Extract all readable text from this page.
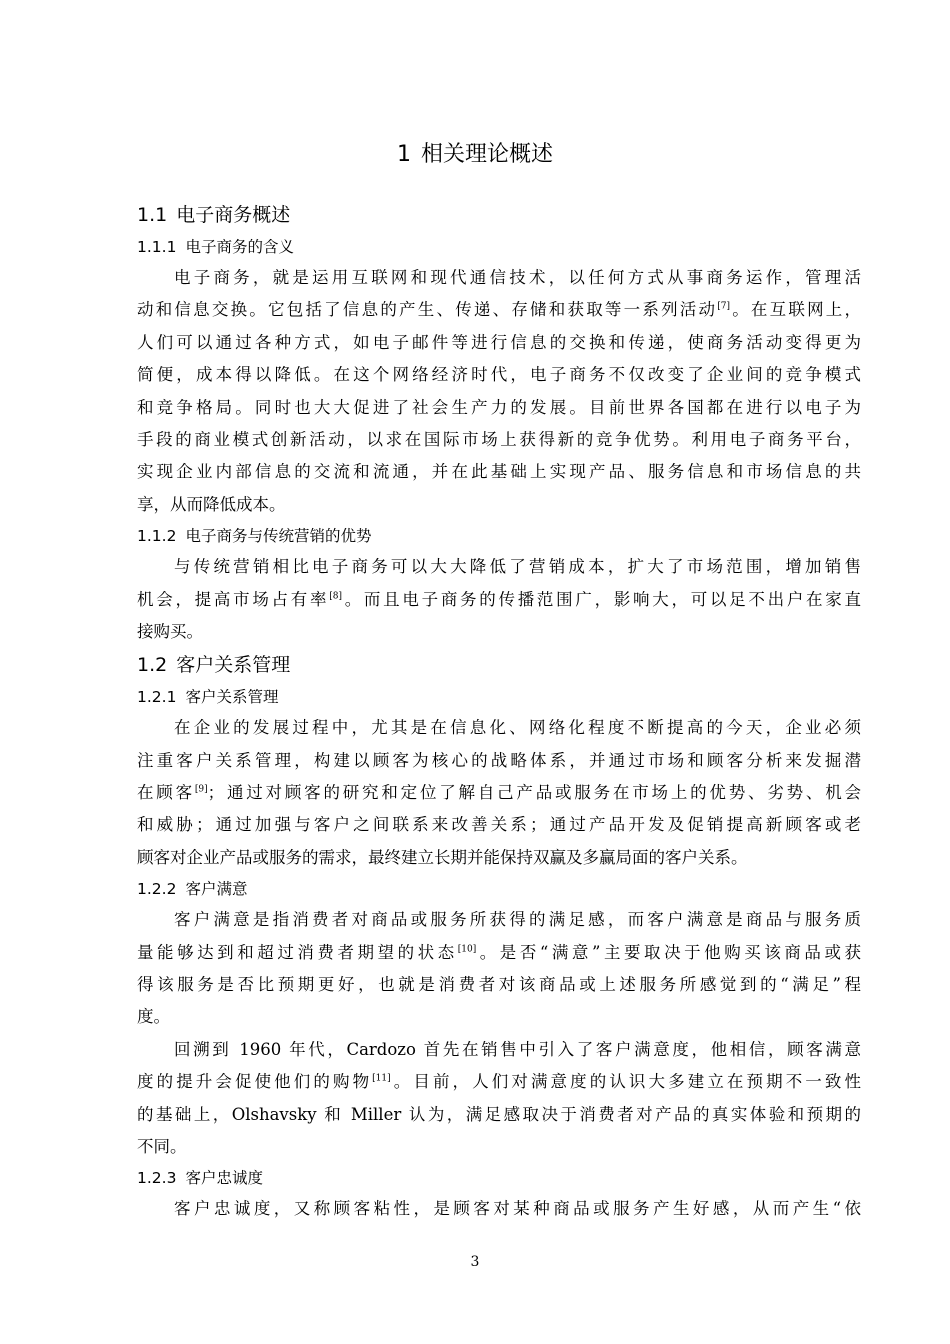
1 相关理论概述
1.1 电子商务概述
1.1.1 电子商务的含义
电子商务，就是运用互联网和现代通信技术，以任何方式从事商务运作，管理活
动和信息交换。它包括了信息的产生、传递、存储和获取等一系列活动[7]。在互联网上，
人们可以通过各种方式，如电子邮件等进行信息的交换和传递，使商务活动变得更为
简便，成本得以降低。在这个网络经济时代，电子商务不仅改变了企业间的竞争模式
和竞争格局。同时也大大促进了社会生产力的发展。目前世界各国都在进行以电子为
手段的商业模式创新活动，以求在国际市场上获得新的竞争优势。利用电子商务平台，
实现企业内部信息的交流和流通，并在此基础上实现产品、服务信息和市场信息的共
享，从而降低成本。
1.1.2 电子商务与传统营销的优势
与传统营销相比电子商务可以大大降低了营销成本，扩大了市场范围，增加销售
机会，提高市场占有率[8]。而且电子商务的传播范围广，影响大，可以足不出户在家直
接购买。
1.2 客户关系管理
1.2.1 客户关系管理
在企业的发展过程中，尤其是在信息化、网络化程度不断提高的今天，企业必须
注重客户关系管理，构建以顾客为核心的战略体系，并通过市场和顾客分析来发掘潜
在顾客[9]；通过对顾客的研究和定位了解自己产品或服务在市场上的优势、劣势、机会
和威胁；通过加强与客户之间联系来改善关系；通过产品开发及促销提高新顾客或老
顾客对企业产品或服务的需求，最终建立长期并能保持双赢及多赢局面的客户关系。
1.2.2 客户满意
客户满意是指消费者对商品或服务所获得的满足感，而客户满意是商品与服务质
量能够达到和超过消费者期望的状态[10]。是否“满意”主要取决于他购买该商品或获
得该服务是否比预期更好，也就是消费者对该商品或上述服务所感觉到的“满足”程
度。
回溯到 1960 年代，Cardozo 首先在销售中引入了客户满意度，他相信，顾客满意
度的提升会促使他们的购物[11]。目前，人们对满意度的认识大多建立在预期不一致性
的基础上，Olshavsky 和 Miller 认为，满足感取决于消费者对产品的真实体验和预期的
不同。
1.2.3 客户忠诚度
客户忠诚度，又称顾客粘性，是顾客对某种商品或服务产生好感，从而产生“依
3
